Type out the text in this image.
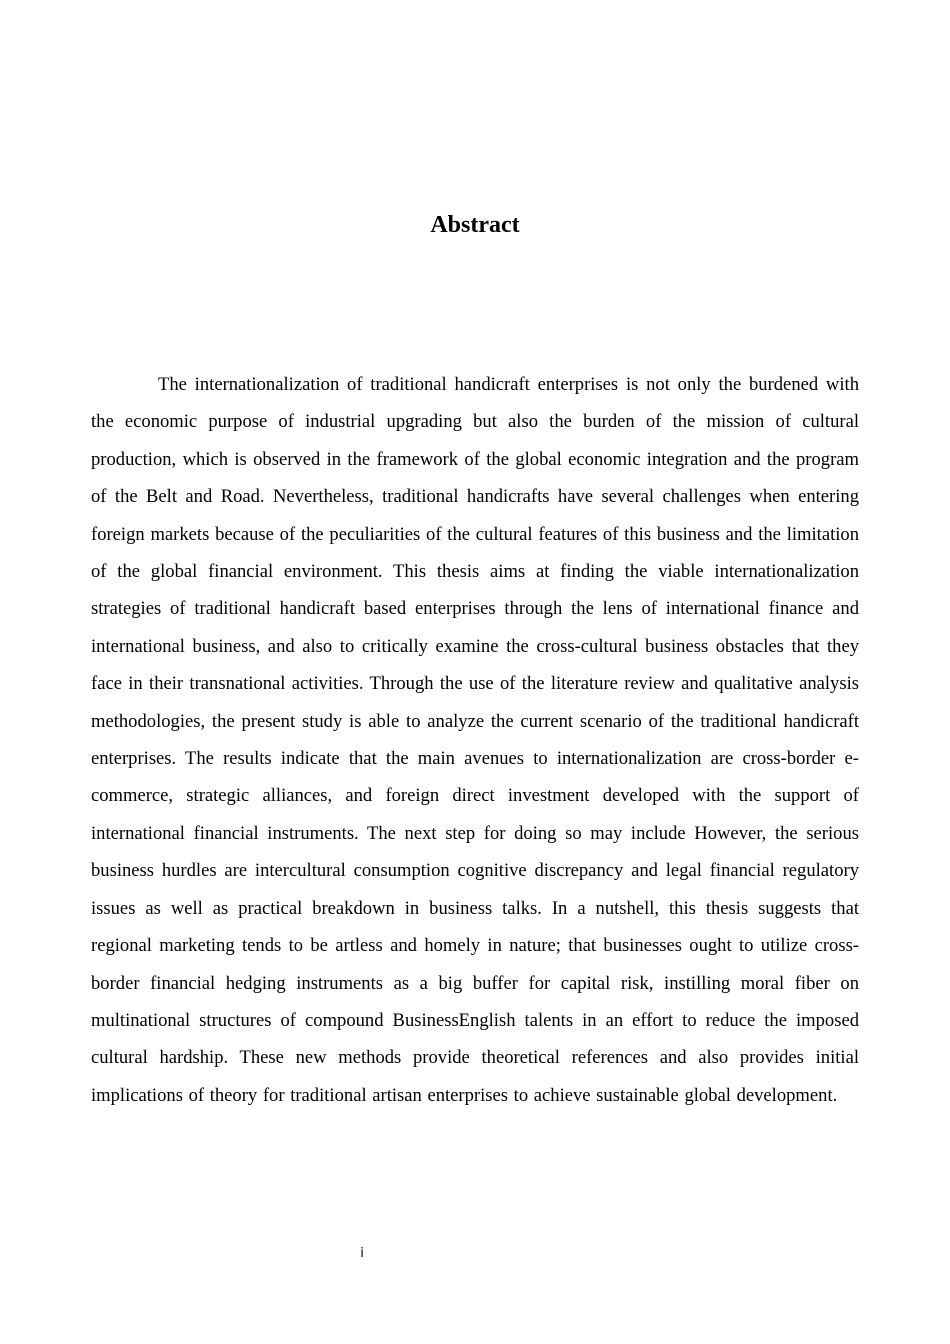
Abstract

The internationalization of traditional handicraft enterprises is not only the burdened with the economic purpose of industrial upgrading but also the burden of the mission of cultural production, which is observed in the framework of the global economic integration and the program of the Belt and Road. Nevertheless, traditional handicrafts have several challenges when entering foreign markets because of the peculiarities of the cultural features of this business and the limitation of the global financial environment. This thesis aims at finding the viable internationalization strategies of traditional handicraft based enterprises through the lens of international finance and international business, and also to critically examine the cross-cultural business obstacles that they face in their transnational activities. Through the use of the literature review and qualitative analysis methodologies, the present study is able to analyze the current scenario of the traditional handicraft enterprises. The results indicate that the main avenues to internationalization are cross-border e-commerce, strategic alliances, and foreign direct investment developed with the support of international financial instruments. The next step for doing so may include However, the serious business hurdles are intercultural consumption cognitive discrepancy and legal financial regulatory issues as well as practical breakdown in business talks. In a nutshell, this thesis suggests that regional marketing tends to be artless and homely in nature; that businesses ought to utilize cross-border financial hedging instruments as a big buffer for capital risk, instilling moral fiber on multinational structures of compound BusinessEnglish talents in an effort to reduce the imposed cultural hardship. These new methods provide theoretical references and also provides initial implications of theory for traditional artisan enterprises to achieve sustainable global development.

i
